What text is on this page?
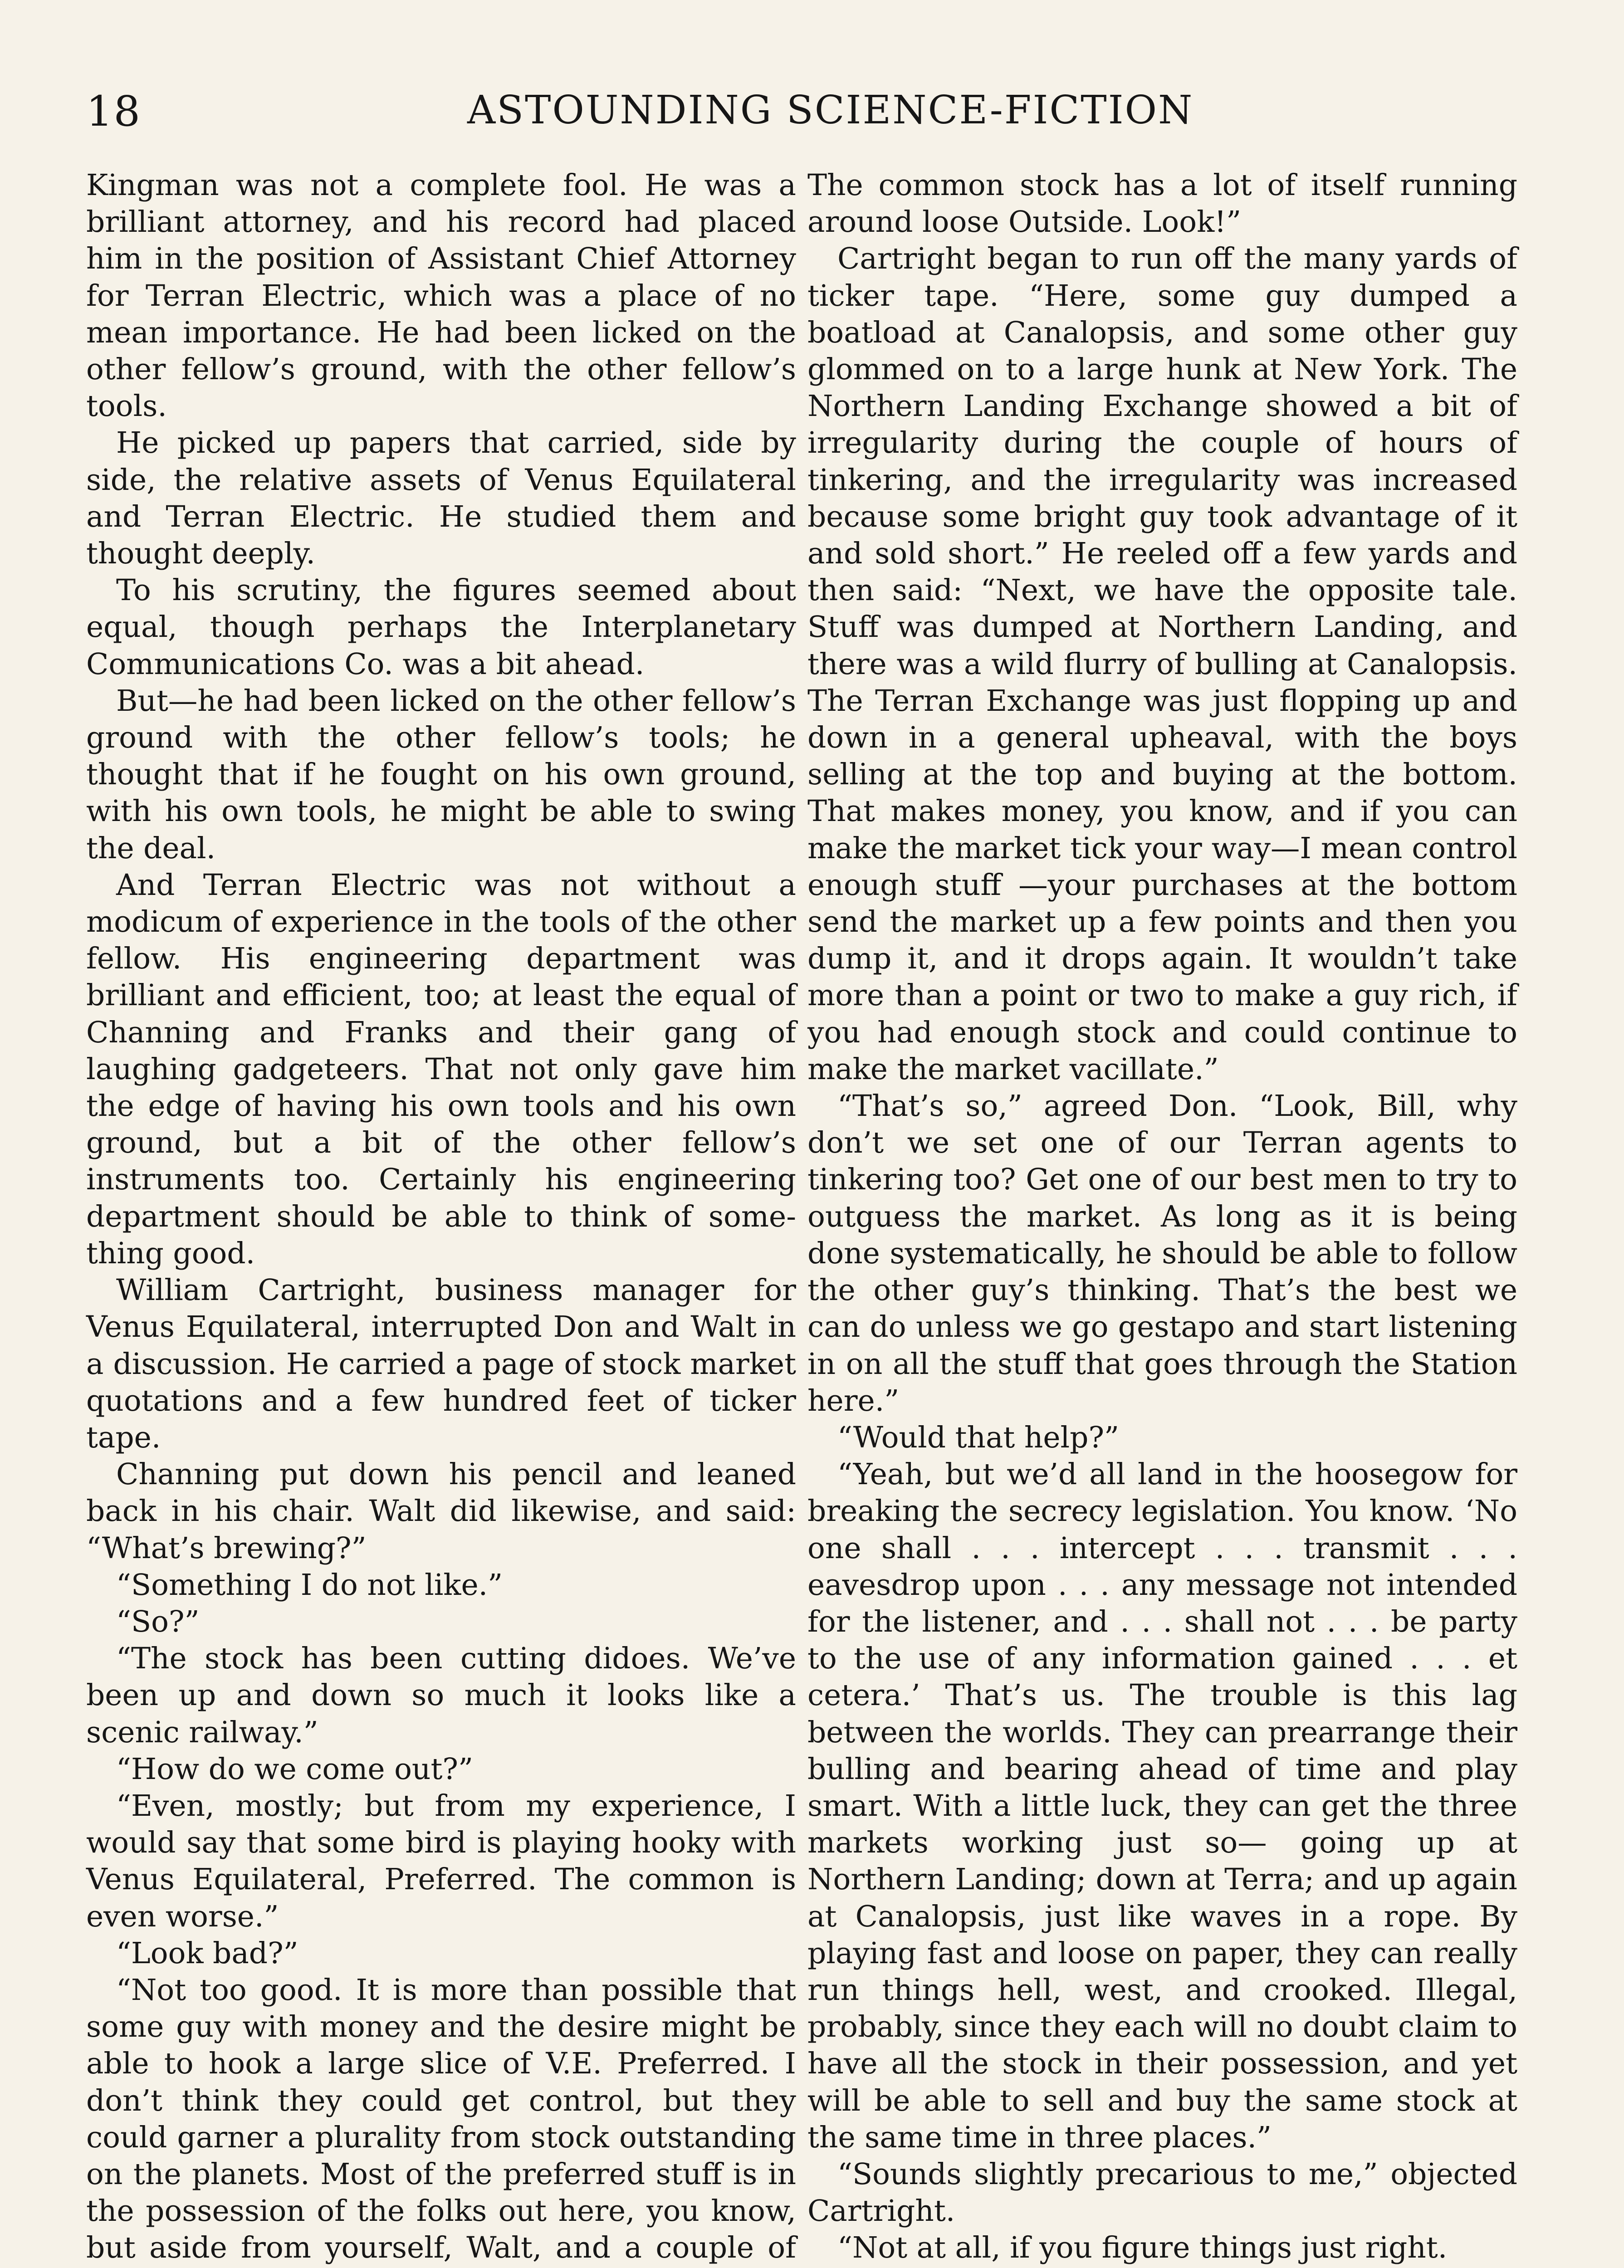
18	ASTOUNDING SCIENCE-FICTION

Kingman was not a complete fool. He was a brilliant attorney, and his record had placed him in the position of Assistant Chief Attorney for Terran Electric, which was a place of no mean importance. He had been licked on the other fellow’s ground, with the other fellow’s tools.

He picked up papers that carried, side by side, the relative assets of Venus Equilateral and Terran Electric. He studied them and thought deeply.

To his scrutiny, the figures seemed about equal, though perhaps the Interplanetary Communications Co. was a bit ahead.

But—he had been licked on the other fellow’s ground with the other fellow’s tools; he thought that if he fought on his own ground, with his own tools, he might be able to swing the deal.

And Terran Electric was not without a modicum of experience in the tools of the other fellow. His engineering department was brilliant and efficient, too; at least the equal of Channing and Franks and their gang of laughing gadgeteers. That not only gave him the edge of having his own tools and his own ground, but a bit of the other fellow’s instruments too. Certainly his engineering department should be able to think of something good.

William Cartright, business manager for Venus Equilateral, interrupted Don and Walt in a discussion. He carried a page of stock market quotations and a few hundred feet of ticker tape.

Channing put down his pencil and leaned back in his chair. Walt did likewise, and said: “What’s brewing?”

“Something I do not like.”

“So?”

“The stock has been cutting didoes. We’ve been up and down so much it looks like a scenic railway.”

“How do we come out?”

“Even, mostly; but from my experience, I would say that some bird is playing hooky with Venus Equilateral, Preferred. The common is even worse.”

“Look bad?”

“Not too good. It is more than possible that some guy with money and the desire might be able to hook a large slice of V.E. Preferred. I don’t think they could get control, but they could garner a plurality from stock outstanding on the planets. Most of the preferred stuff is in the possession of the folks out here, you know, but aside from yourself, Walt, and a couple of

The common stock has a lot of itself running around loose Outside. Look!”

Cartright began to run off the many yards of ticker tape. “Here, some guy dumped a boatload at Canalopsis, and some other guy glommed on to a large hunk at New York. The Northern Landing Exchange showed a bit of irregularity during the couple of hours of tinkering, and the irregularity was increased because some bright guy took advantage of it and sold short.” He reeled off a few yards and then said: “Next, we have the opposite tale. Stuff was dumped at Northern Landing, and there was a wild flurry of bulling at Canalopsis. The Terran Exchange was just flopping up and down in a general upheaval, with the boys selling at the top and buying at the bottom. That makes money, you know, and if you can make the market tick your way—I mean control enough stuff —your purchases at the bottom send the market up a few points and then you dump it, and it drops again. It wouldn’t take more than a point or two to make a guy rich, if you had enough stock and could continue to make the market vacillate.”

“That’s so,” agreed Don. “Look, Bill, why don’t we set one of our Terran agents to tinkering too? Get one of our best men to try to outguess the market. As long as it is being done systematically, he should be able to follow the other guy’s thinking. That’s the best we can do unless we go gestapo and start listening in on all the stuff that goes through the Station here.”

“Would that help?”

“Yeah, but we’d all land in the hoosegow for breaking the secrecy legislation. You know. ‘No one shall . . . intercept . . . transmit . . . eavesdrop upon . . . any message not intended for the listener, and . . . shall not . . . be party to the use of any information gained . . . et cetera.’ That’s us. The trouble is this lag between the worlds. They can prearrange their bulling and bearing ahead of time and play smart. With a little luck, they can get the three markets working just so— going up at Northern Landing; down at Terra; and up again at Canalopsis, just like waves in a rope. By playing fast and loose on paper, they can really run things hell, west, and crooked. Illegal, probably, since they each will no doubt claim to have all the stock in their possession, and yet will be able to sell and buy the same stock at the same time in three places.”

“Sounds slightly precarious to me,” objected Cartright.

“Not at all, if you figure things just right.
